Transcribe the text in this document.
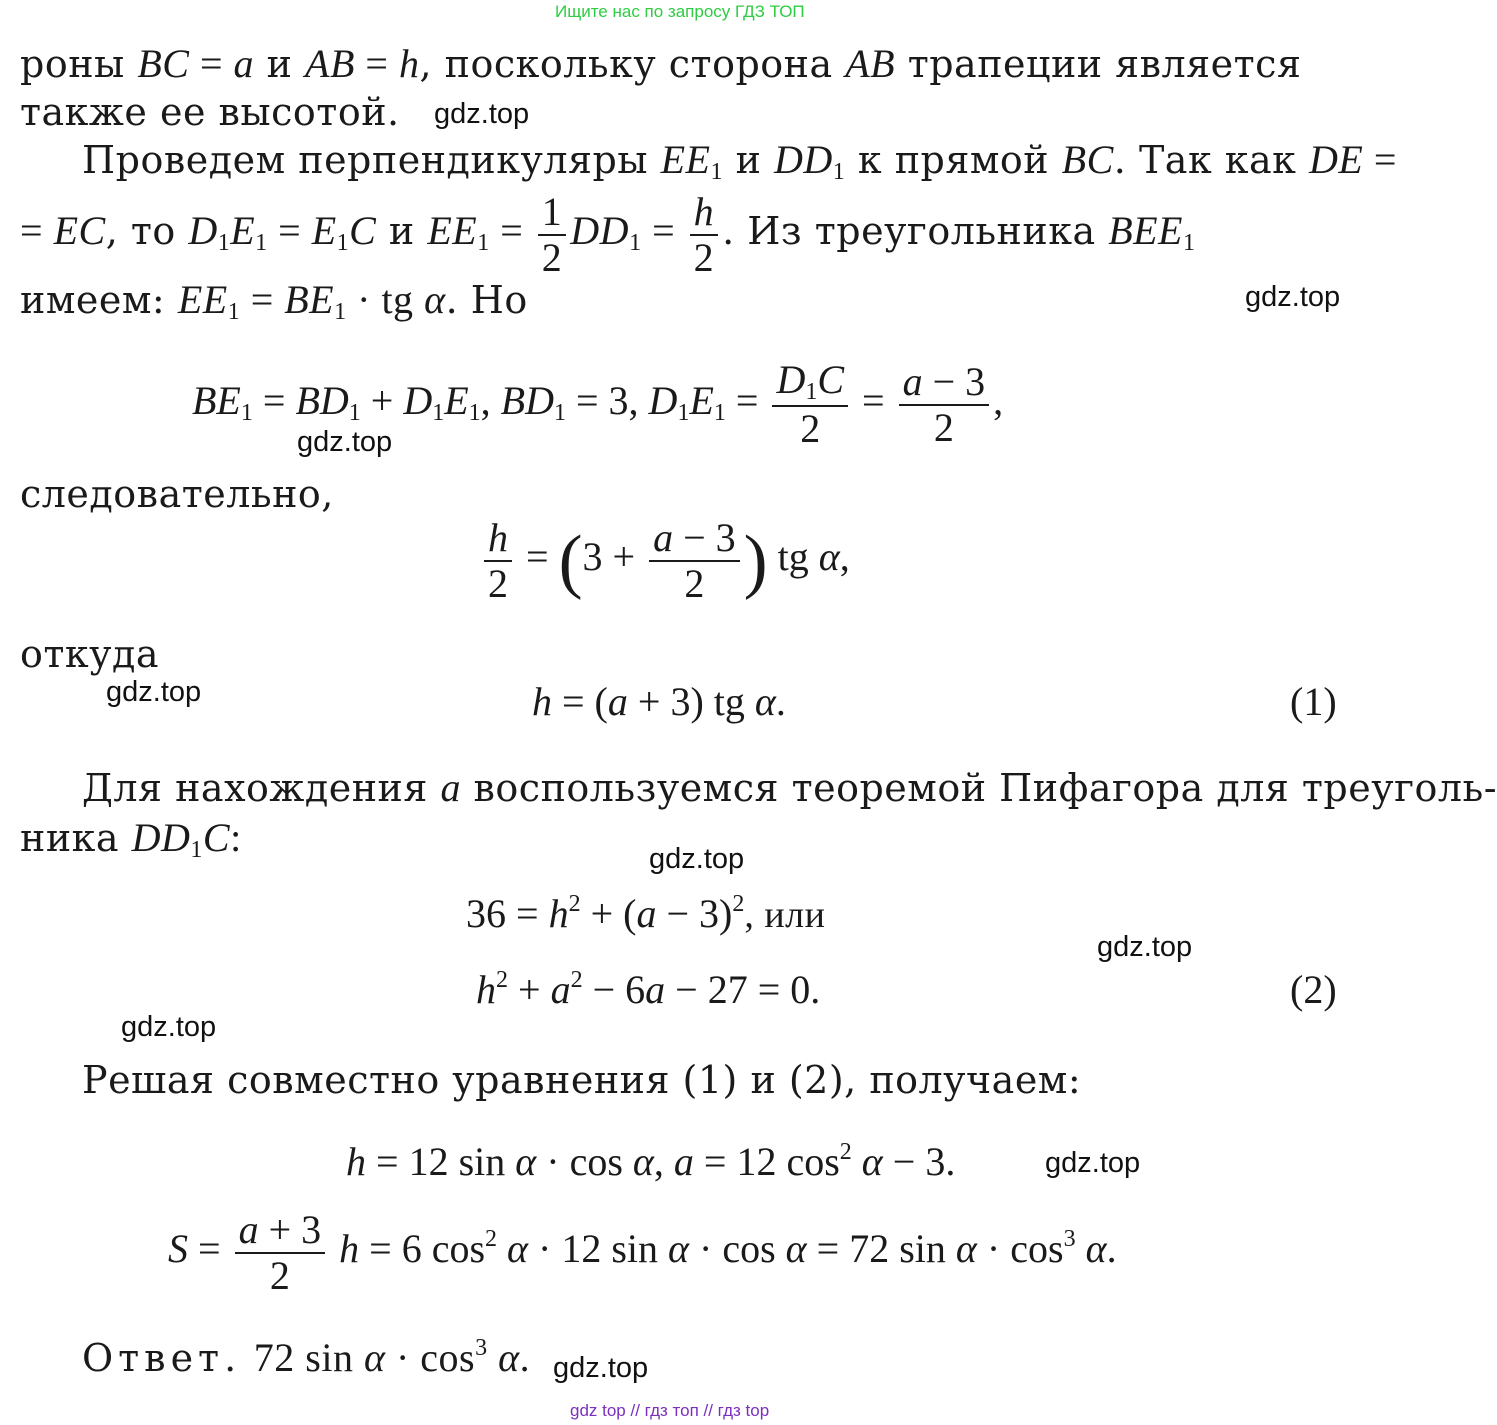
Ищите нас по запросу ГДЗ ТОП
роны BC = a и AB = h, поскольку сторона AB трапеции является
также ее высотой. gdz.top
Проведем перпендикуляры $EE_1$ и $DD_1$ к прямой BC. Так как DE =
= EC, то $D_1E_1 = E_1C$ и $EE_1 = \frac{1}{2} DD_1 = \frac{h}{2}$ . Из треугольника $BEE_1$
имеем: $EE_1 = BE_1$ · tg α. Но	gdz.top
$BE_1 = BD_1 + D_1E_1$, $BD_1 = 3$, $D_1E_1 = \frac{D_1C}{2} = \frac{a - 3}{2}$ ,
gdz.top
следовательно,
$\frac{h}{2} = (3 + \frac{a - 3}{2}$ ) tg α,
откуда
gdz.top	h = (a + 3) tg α.	(1)
Для нахождения a воспользуемся теоремой Пифагора для треуголь-
ника $DD_1C$:	gdz.top
$36 = h^2 + (a - 3)^2$, или
gdz.top
$h^2 + a^2 - 6a - 27 = 0$.	(2)
gdz.top
Решая совместно уравнения (1) и (2), получаем:
h = 12 sin α · cos α, a = 12 $\cos^2 \alpha - 3$.	gdz.top
$S = \frac{a + 3}{2}$ h = 6 $\cos^2 \alpha \cdot 12$ sin α · cos α = 72 $\sin \alpha \cdot \cos^3 \alpha$.
Ответ. 72 $\sin \alpha \cdot \cos^3 \alpha$. gdz.top
gdz top // гдз топ // гдз top
